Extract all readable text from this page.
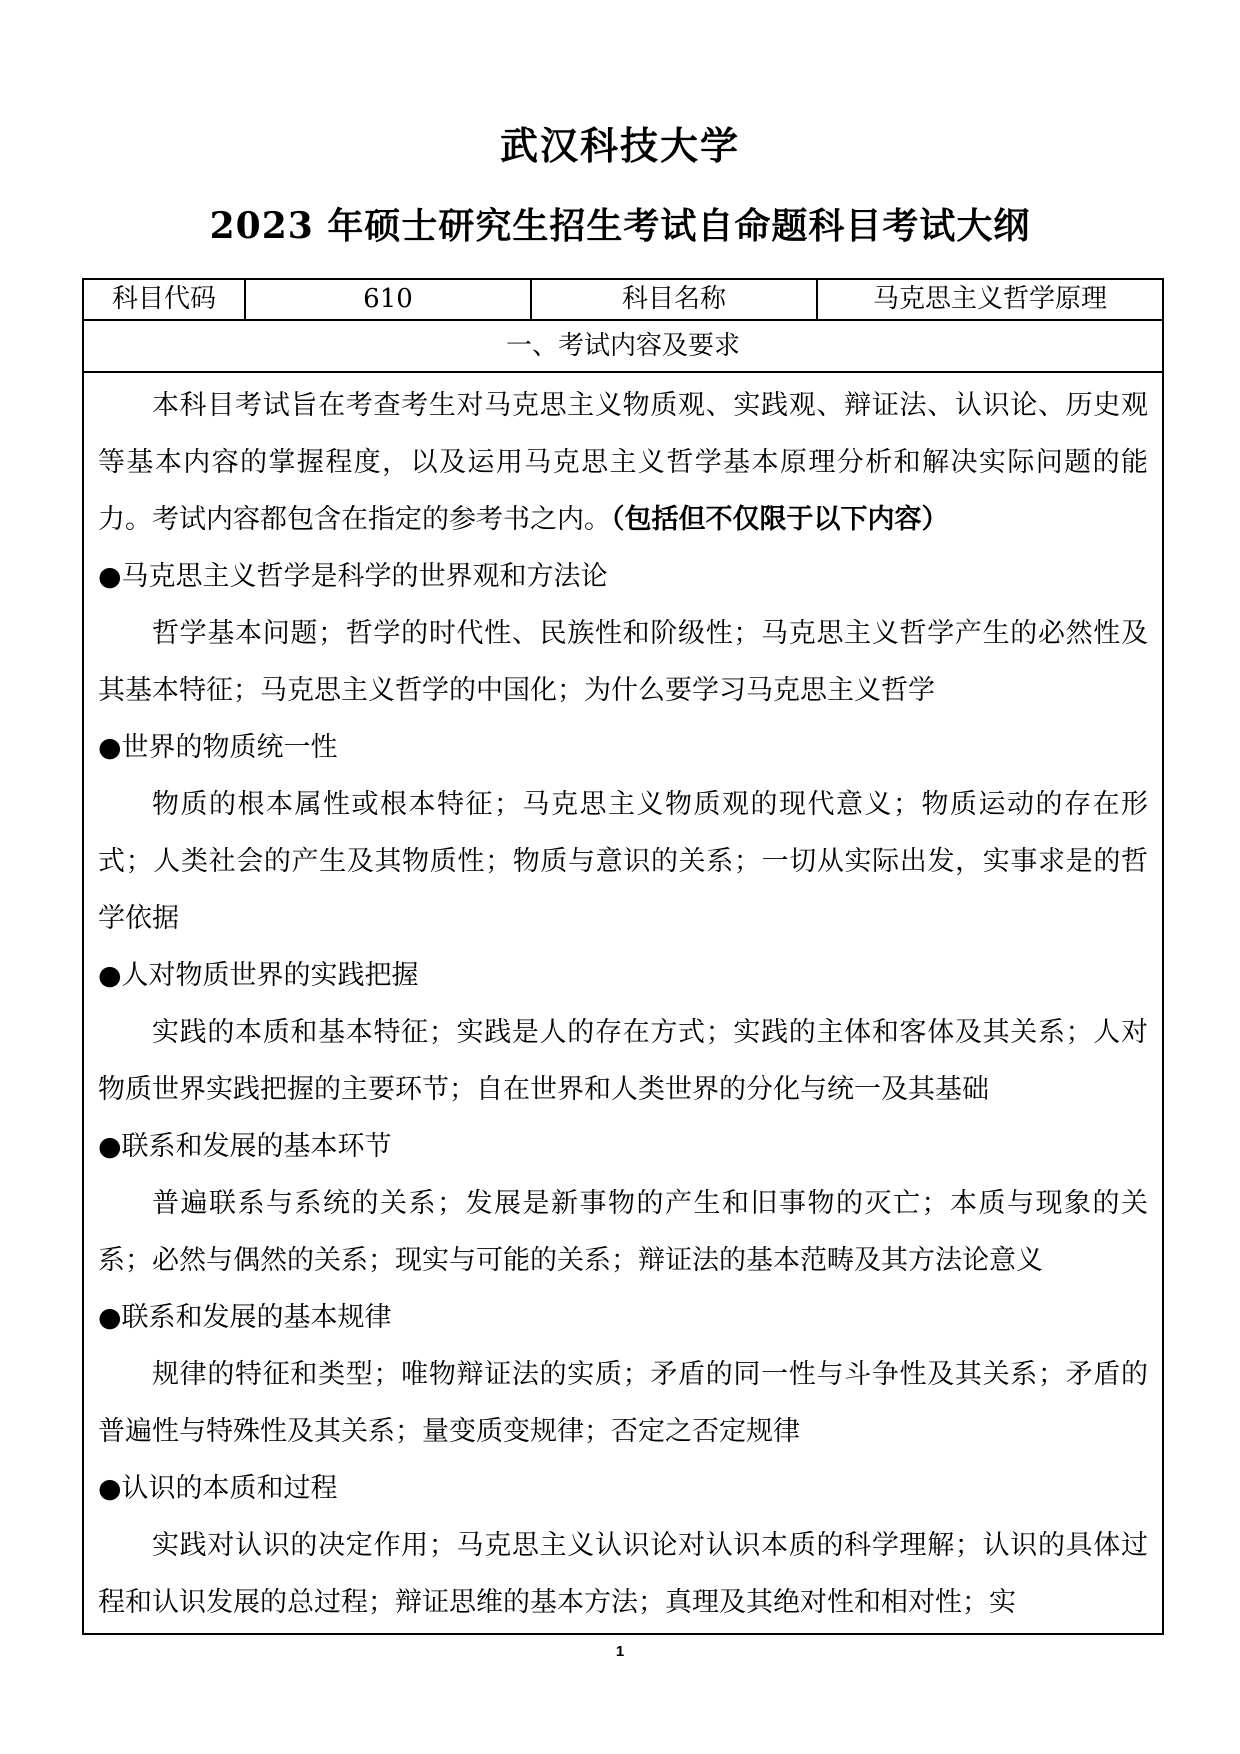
武汉科技大学
2023 年硕士研究生招生考试自命题科目考试大纲
科目代码	610	科目名称	马克思主义哲学原理
一、考试内容及要求

本科目考试旨在考查考生对马克思主义物质观、实践观、辩证法、认识论、历史观等基本内容的掌握程度，以及运用马克思主义哲学基本原理分析和解决实际问题的能力。考试内容都包含在指定的参考书之内。（包括但不仅限于以下内容）

●马克思主义哲学是科学的世界观和方法论

哲学基本问题；哲学的时代性、民族性和阶级性；马克思主义哲学产生的必然性及其基本特征；马克思主义哲学的中国化；为什么要学习马克思主义哲学

●世界的物质统一性

物质的根本属性或根本特征；马克思主义物质观的现代意义；物质运动的存在形式；人类社会的产生及其物质性；物质与意识的关系；一切从实际出发，实事求是的哲学依据

●人对物质世界的实践把握

实践的本质和基本特征；实践是人的存在方式；实践的主体和客体及其关系；人对物质世界实践把握的主要环节；自在世界和人类世界的分化与统一及其基础

●联系和发展的基本环节

普遍联系与系统的关系；发展是新事物的产生和旧事物的灭亡；本质与现象的关系；必然与偶然的关系；现实与可能的关系；辩证法的基本范畴及其方法论意义

●联系和发展的基本规律

规律的特征和类型；唯物辩证法的实质；矛盾的同一性与斗争性及其关系；矛盾的普遍性与特殊性及其关系；量变质变规律；否定之否定规律

●认识的本质和过程

实践对认识的决定作用；马克思主义认识论对认识本质的科学理解；认识的具体过程和认识发展的总过程；辩证思维的基本方法；真理及其绝对性和相对性；实

1
